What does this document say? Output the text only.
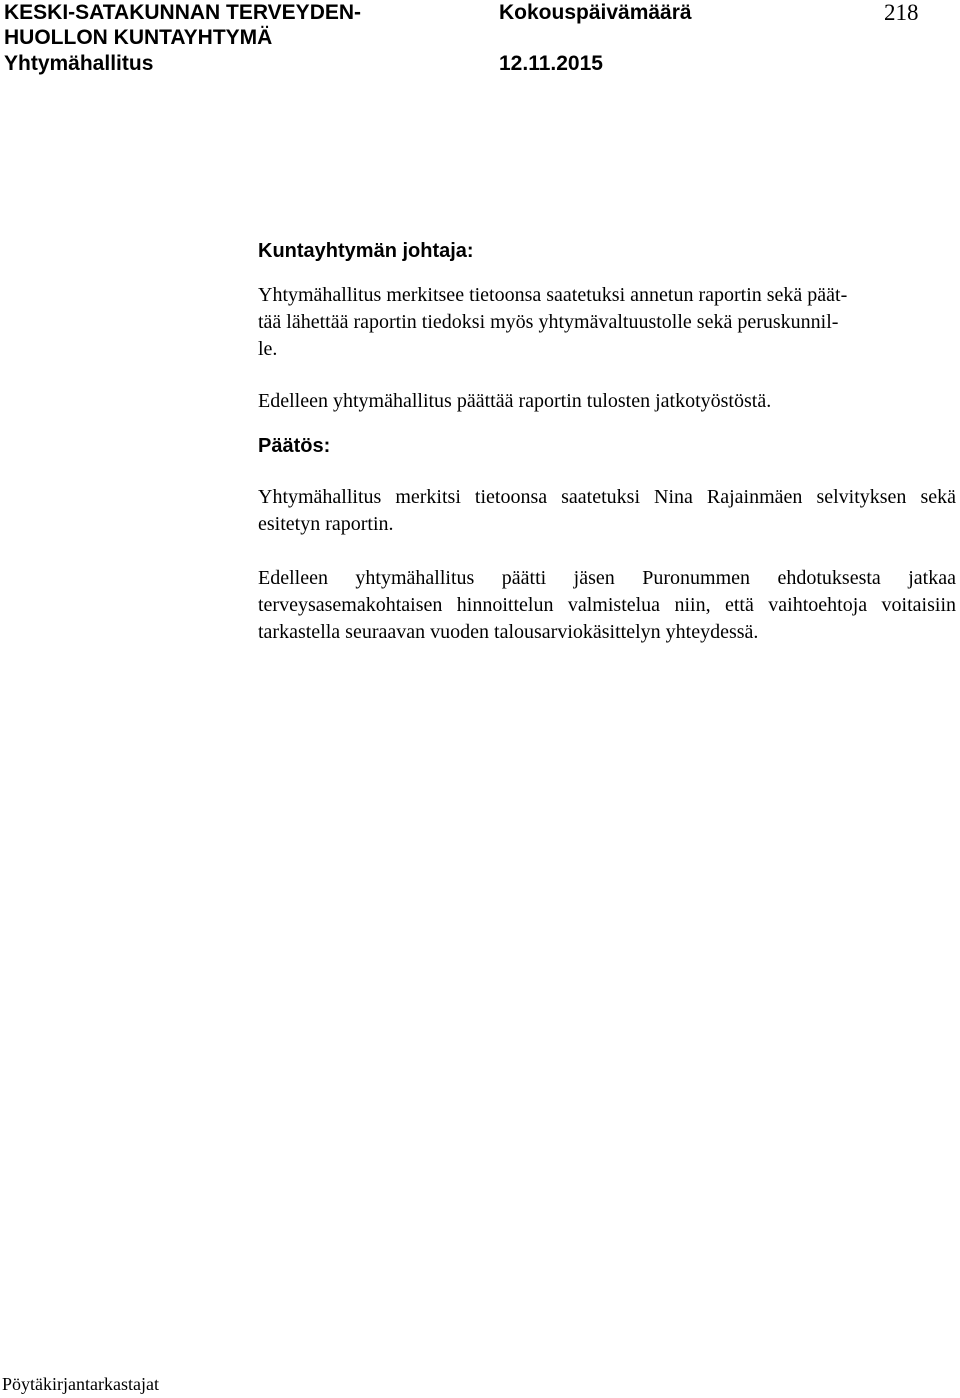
KESKI-SATAKUNNAN TERVEYDEN-
HUOLLON KUNTAYHTYMÄ
Yhtymähallitus
Kokouspäivämäärä
12.11.2015
218

Kuntayhtymän johtaja:

Yhtymähallitus merkitsee tietoonsa saatetuksi annetun raportin sekä päät-
tää lähettää raportin tiedoksi myös yhtymävaltuustolle sekä peruskunnil-
le.

Edelleen yhtymähallitus päättää raportin tulosten jatkotyöstöstä.

Päätös:

Yhtymähallitus merkitsi tietoonsa saatetuksi Nina Rajainmäen selvityksen sekä esitetyn raportin.

Edelleen yhtymähallitus päätti jäsen Puronummen ehdotuksesta jatkaa terveysasemakohtaisen hinnoittelun valmistelua niin, että vaihtoehtoja voitaisiin tarkastella seuraavan vuoden talousarviokäsittelyn yhteydessä.

Pöytäkirjantarkastajat
